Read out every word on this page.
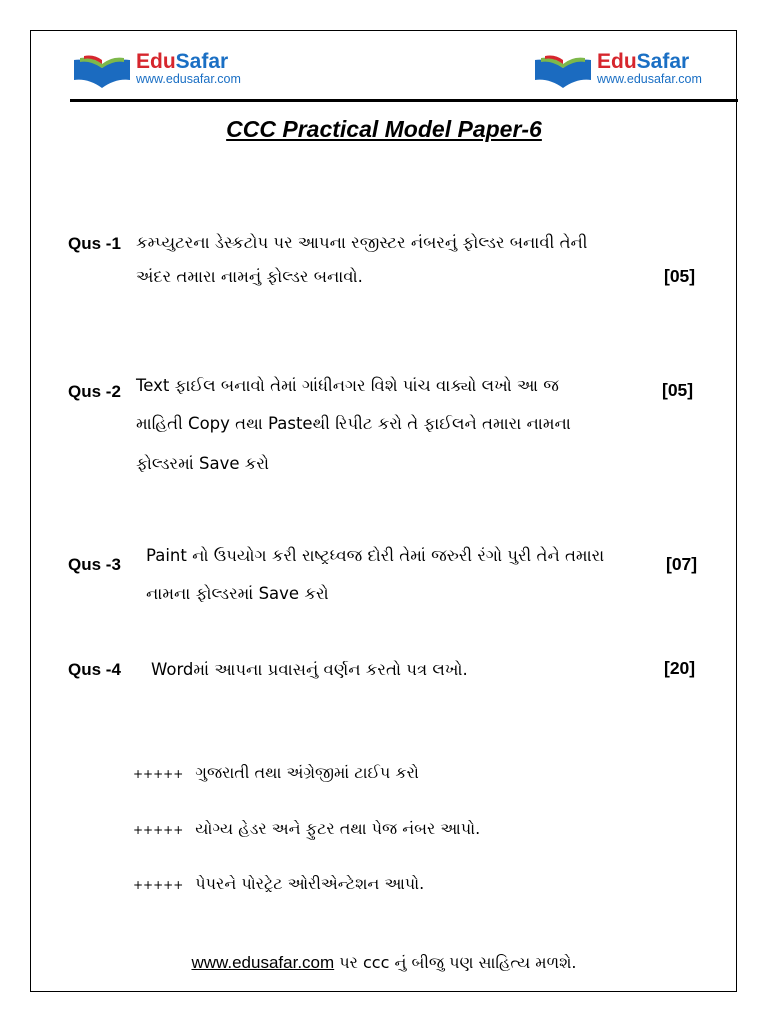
EduSafar
www.edusafar.com
EduSafar
www.edusafar.com
CCC Practical Model Paper-6
Qus -1 કમ્પ્યુટરના ડેસ્કટોપ પર આપના રજીસ્ટર નંબરનું ફોલ્ડર બનાવી તેની
અંદર તમારા નામનું ફોલ્ડર બનાવો.	[05]
Qus -2 Text ફાઈલ બનાવો તેમાં ગાંધીનગર વિશે પાંચ વાક્યો લખો આ જ
માહિતી Copy તથા Pasteથી રિપીટ કરો તે ફાઈલને તમારા નામના
ફોલ્ડરમાં Save કરો
[05]
Qus -3 Paint નો ઉપયોગ કરી રાષ્ટ્રધ્વજ દોરી તેમાં જરુરી રંગો પુરી તેને તમારા
નામના ફોલ્ડરમાં Save કરો
[07]
Qus -4 Wordમાં આપના પ્રવાસનું વર્ણન કરતો પત્ર લખો.	[20]
+++++ ગુજરાતી તથા અંગ્રેજીમાં ટાઈપ કરો
+++++ યોગ્ય હેડર અને ફુટર તથા પેજ નંબર આપો.
+++++ પેપરને પોરટ્રેટ ઓરીએન્ટેશન આપો.
www.edusafar.com પર ccc નું બીજુ પણ સાહિત્ય મળશે.
